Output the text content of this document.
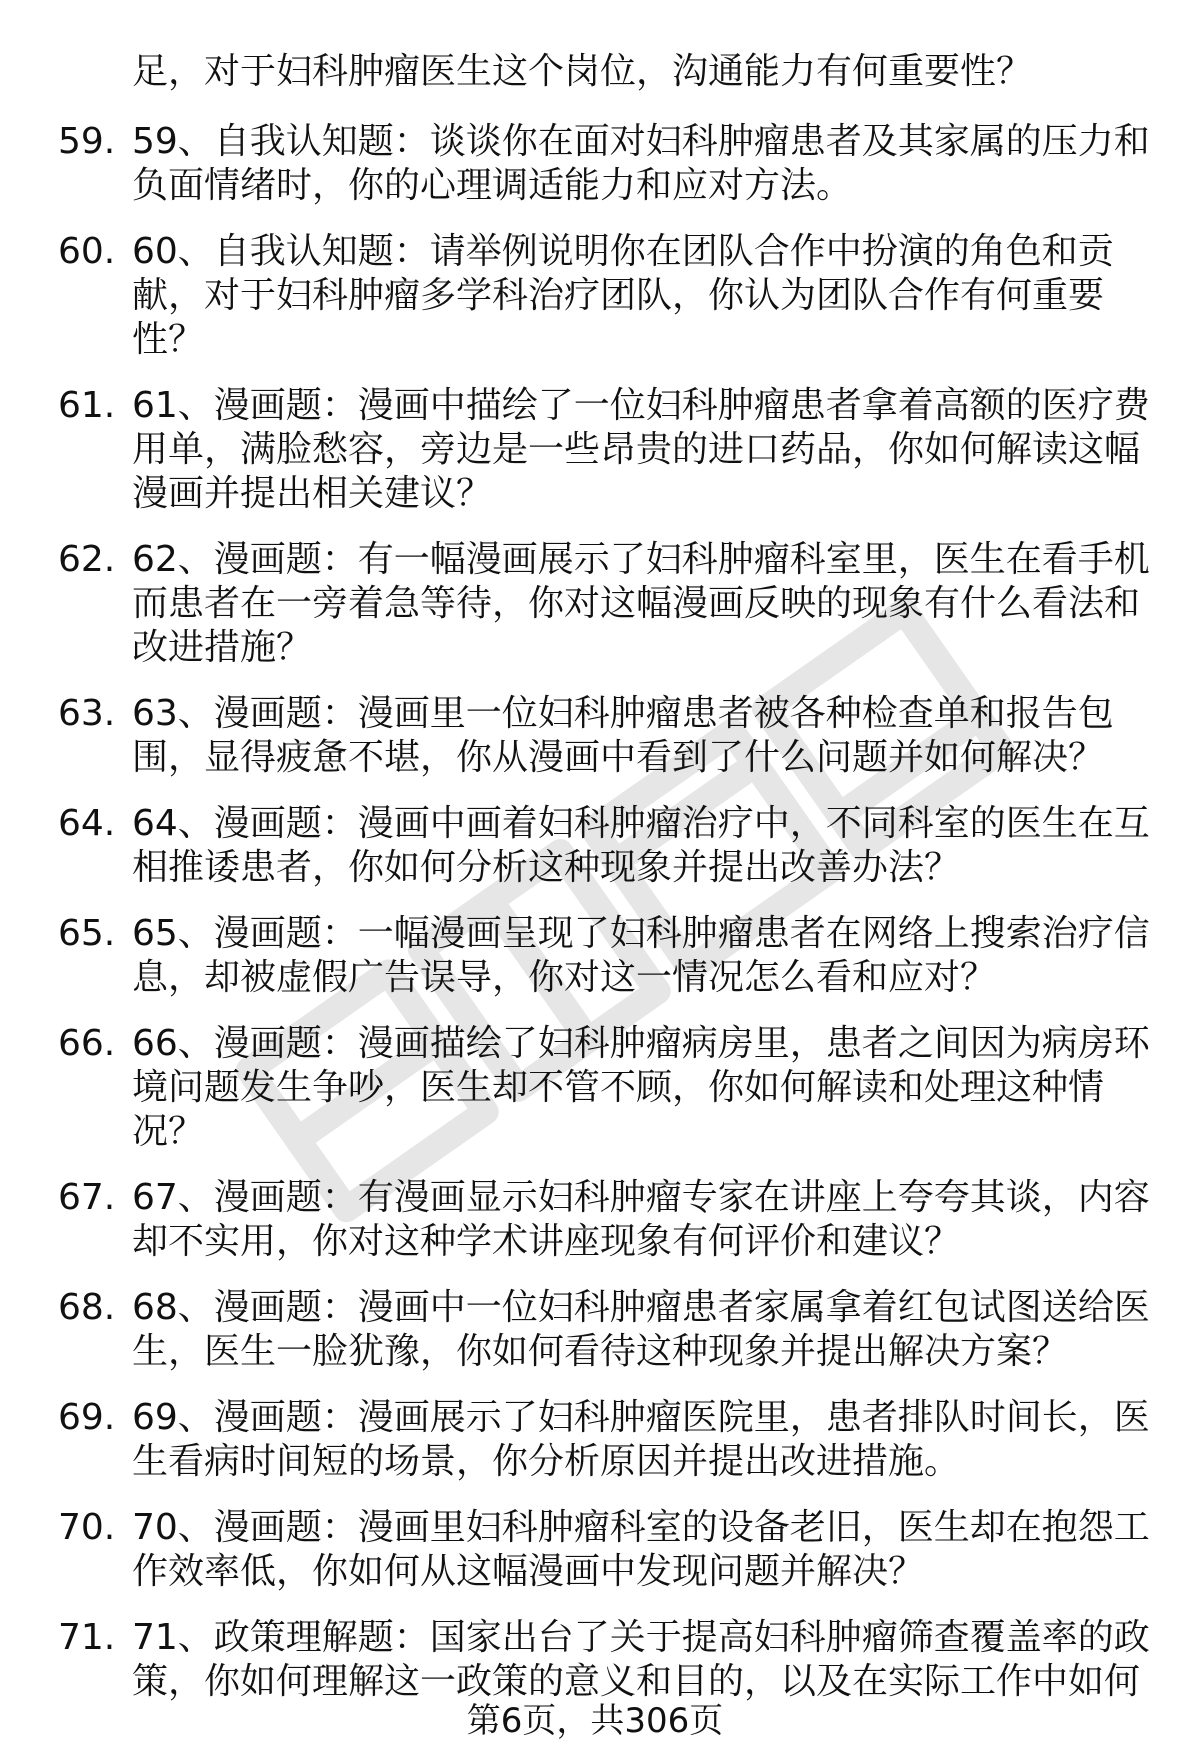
足，对于妇科肿瘤医生这个岗位，沟通能力有何重要性？

59. 59、自我认知题：谈谈你在面对妇科肿瘤患者及其家属的压力和负面情绪时，你的心理调适能力和应对方法。
60. 60、自我认知题：请举例说明你在团队合作中扮演的角色和贡献，对于妇科肿瘤多学科治疗团队，你认为团队合作有何重要性？
61. 61、漫画题：漫画中描绘了一位妇科肿瘤患者拿着高额的医疗费用单，满脸愁容，旁边是一些昂贵的进口药品，你如何解读这幅漫画并提出相关建议？
62. 62、漫画题：有一幅漫画展示了妇科肿瘤科室里，医生在看手机而患者在一旁着急等待，你对这幅漫画反映的现象有什么看法和改进措施？
63. 63、漫画题：漫画里一位妇科肿瘤患者被各种检查单和报告包围，显得疲惫不堪，你从漫画中看到了什么问题并如何解决？
64. 64、漫画题：漫画中画着妇科肿瘤治疗中，不同科室的医生在互相推诿患者，你如何分析这种现象并提出改善办法？
65. 65、漫画题：一幅漫画呈现了妇科肿瘤患者在网络上搜索治疗信息，却被虚假广告误导，你对这一情况怎么看和应对？
66. 66、漫画题：漫画描绘了妇科肿瘤病房里，患者之间因为病房环境问题发生争吵，医生却不管不顾，你如何解读和处理这种情况？
67. 67、漫画题：有漫画显示妇科肿瘤专家在讲座上夸夸其谈，内容却不实用，你对这种学术讲座现象有何评价和建议？
68. 68、漫画题：漫画中一位妇科肿瘤患者家属拿着红包试图送给医生，医生一脸犹豫，你如何看待这种现象并提出解决方案？
69. 69、漫画题：漫画展示了妇科肿瘤医院里，患者排队时间长，医生看病时间短的场景，你分析原因并提出改进措施。
70. 70、漫画题：漫画里妇科肿瘤科室的设备老旧，医生却在抱怨工作效率低，你如何从这幅漫画中发现问题并解决？
71. 71、政策理解题：国家出台了关于提高妇科肿瘤筛查覆盖率的政策，你如何理解这一政策的意义和目的，以及在实际工作中如何
第6页，共306页
